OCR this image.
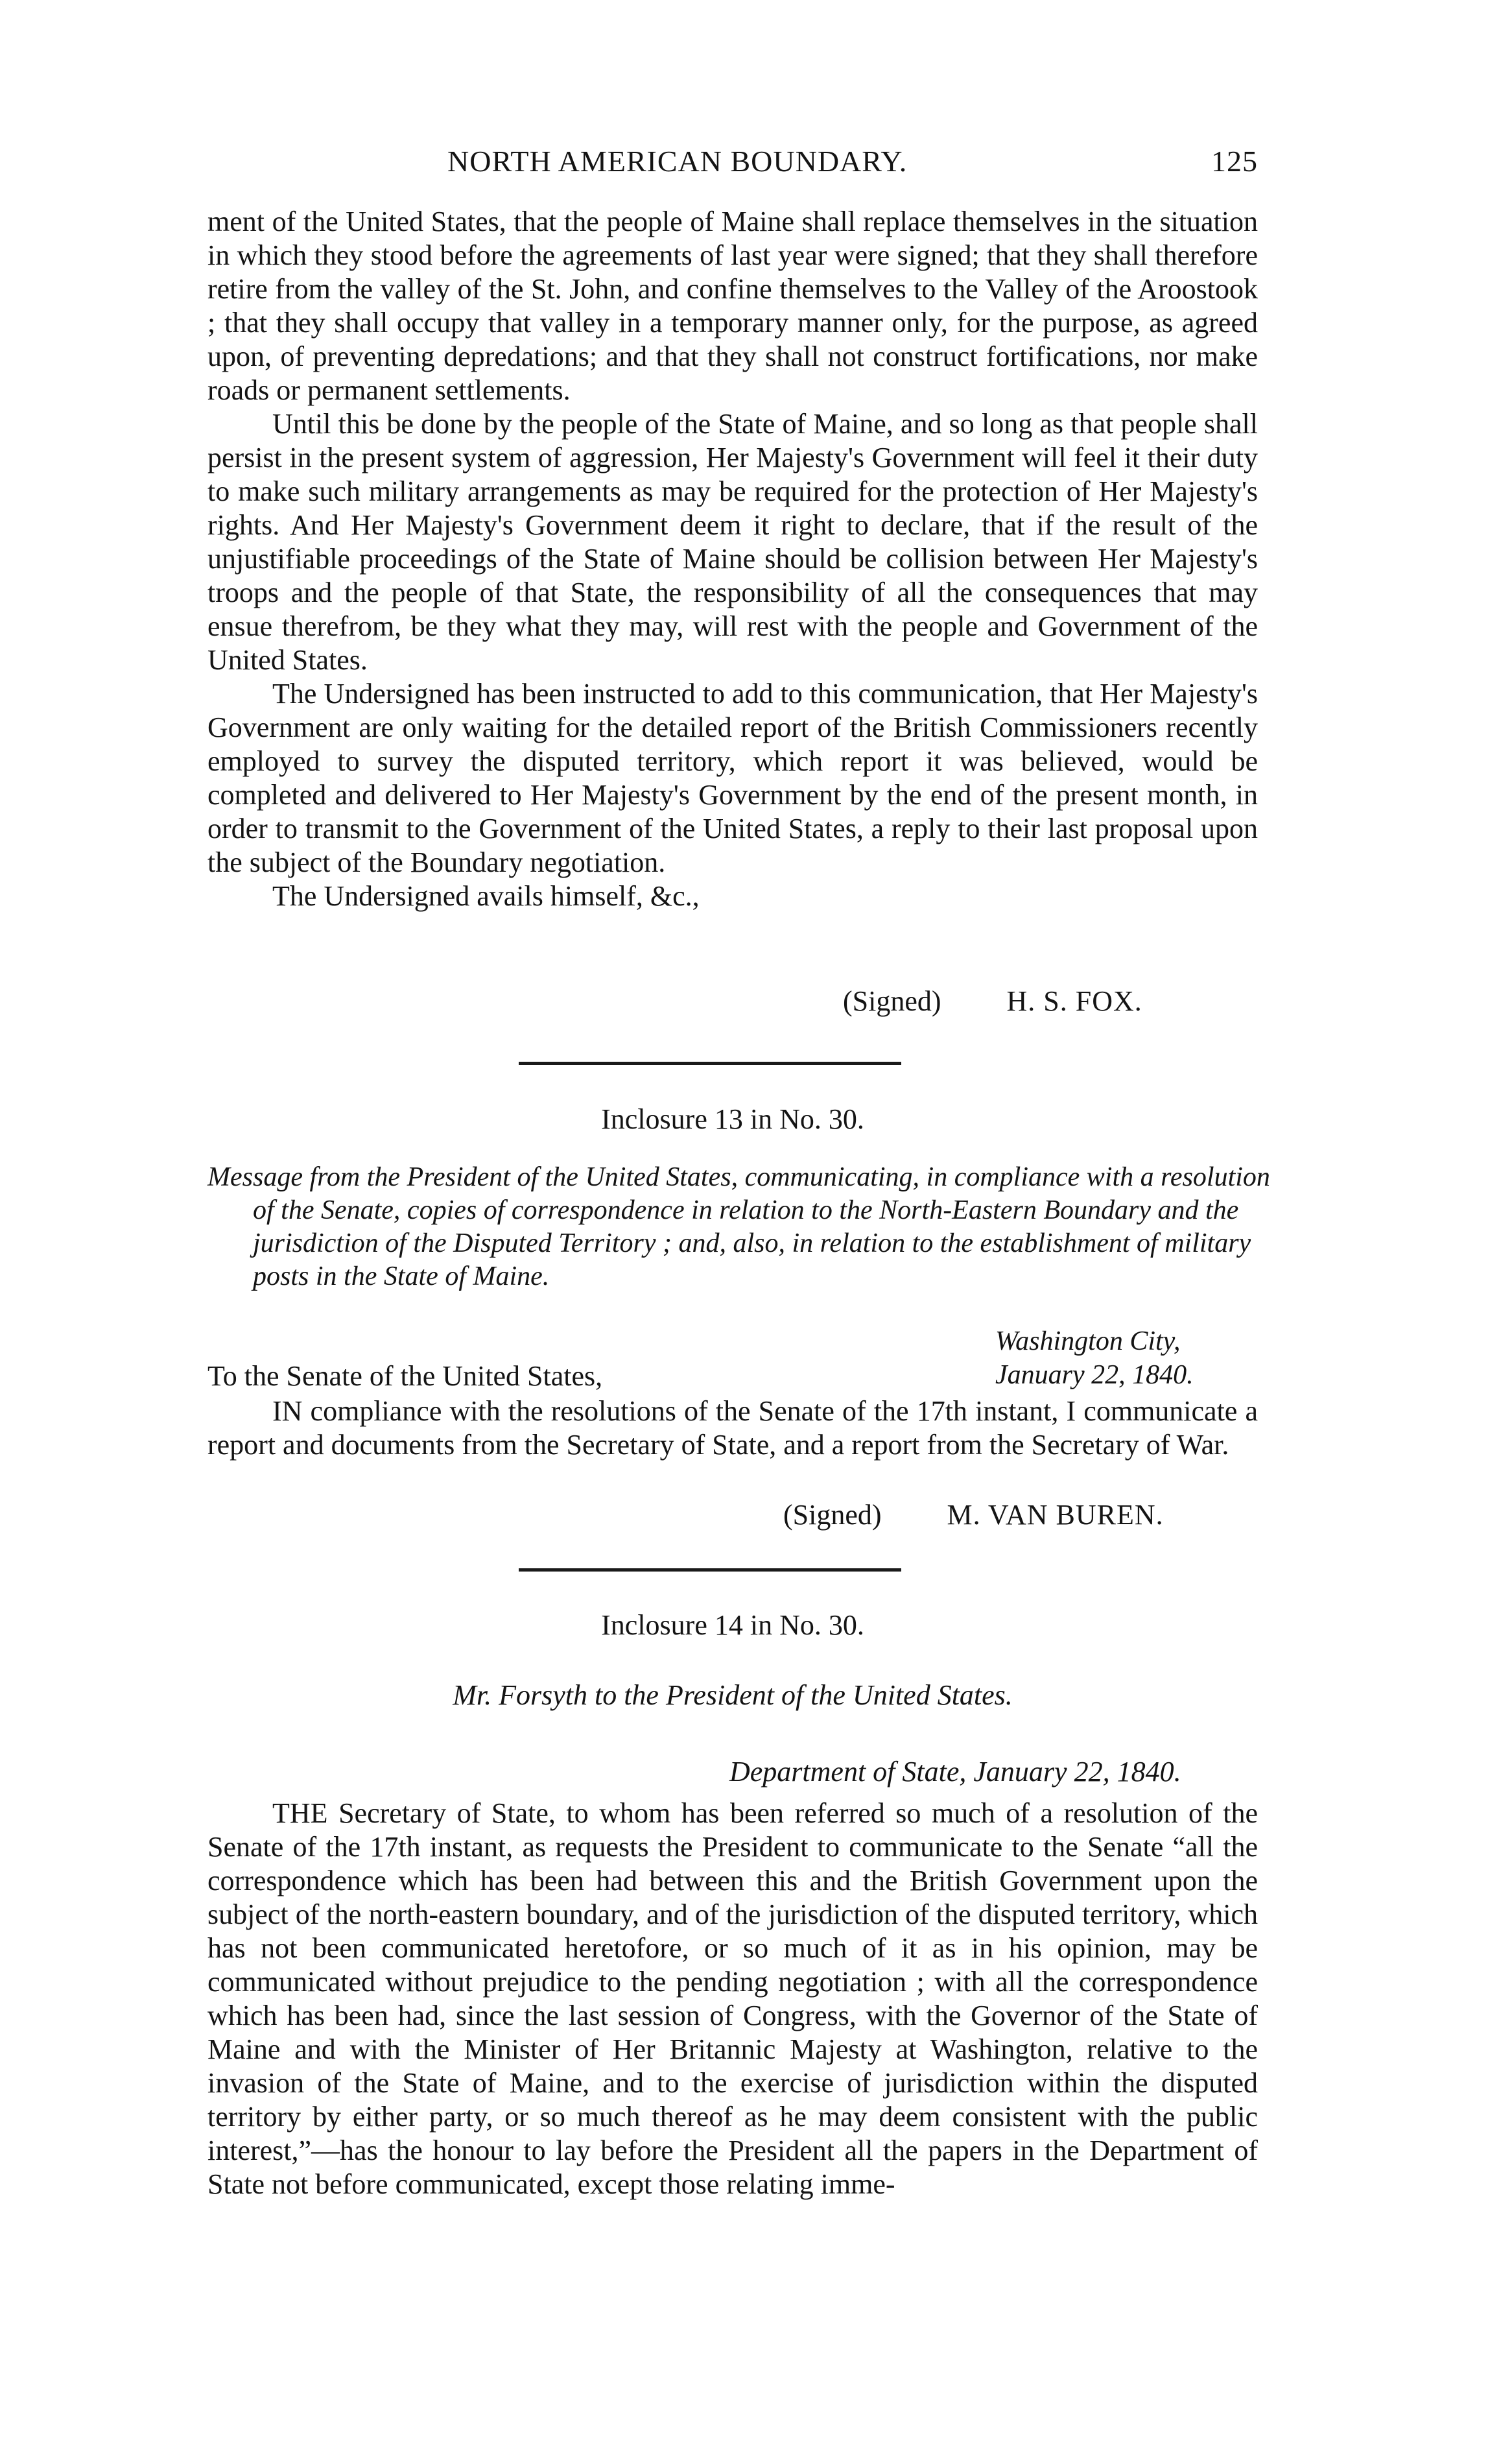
NORTH AMERICAN BOUNDARY.	125

ment of the United States, that the people of Maine shall replace themselves in the situation in which they stood before the agreements of last year were signed; that they shall therefore retire from the valley of the St. John, and confine themselves to the Valley of the Aroostook ; that they shall occupy that valley in a temporary manner only, for the purpose, as agreed upon, of preventing depredations; and that they shall not construct fortifications, nor make roads or permanent settlements.

Until this be done by the people of the State of Maine, and so long as that people shall persist in the present system of aggression, Her Majesty's Government will feel it their duty to make such military arrangements as may be required for the protection of Her Majesty's rights. And Her Majesty's Government deem it right to declare, that if the result of the unjustifiable proceedings of the State of Maine should be collision between Her Majesty's troops and the people of that State, the responsibility of all the consequences that may ensue therefrom, be they what they may, will rest with the people and Government of the United States.

The Undersigned has been instructed to add to this communication, that Her Majesty's Government are only waiting for the detailed report of the British Commissioners recently employed to survey the disputed territory, which report it was believed, would be completed and delivered to Her Majesty's Government by the end of the present month, in order to transmit to the Government of the United States, a reply to their last proposal upon the subject of the Boundary negotiation.

The Undersigned avails himself, &c.,

(Signed) H. S. FOX.
Inclosure 13 in No. 30.

Message from the President of the United States, communicating, in compliance with a resolution of the Senate, copies of correspondence in relation to the North-Eastern Boundary and the jurisdiction of the Disputed Territory ; and, also, in relation to the establishment of military posts in the State of Maine.

Washington City,
To the Senate of the United States,	January 22, 1840.

IN compliance with the resolutions of the Senate of the 17th instant, I communicate a report and documents from the Secretary of State, and a report from the Secretary of War.

(Signed) M. VAN BUREN.
Inclosure 14 in No. 30.
Mr. Forsyth to the President of the United States.
Department of State, January 22, 1840.

THE Secretary of State, to whom has been referred so much of a resolution of the Senate of the 17th instant, as requests the President to communicate to the Senate “all the correspondence which has been had between this and the British Government upon the subject of the north-eastern boundary, and of the jurisdiction of the disputed territory, which has not been communicated heretofore, or so much of it as in his opinion, may be communicated without prejudice to the pending negotiation ; with all the correspondence which has been had, since the last session of Congress, with the Governor of the State of Maine and with the Minister of Her Britannic Majesty at Washington, relative to the invasion of the State of Maine, and to the exercise of jurisdiction within the disputed territory by either party, or so much thereof as he may deem consistent with the public interest,”—has the honour to lay before the President all the papers in the Department of State not before communicated, except those relating imme-
